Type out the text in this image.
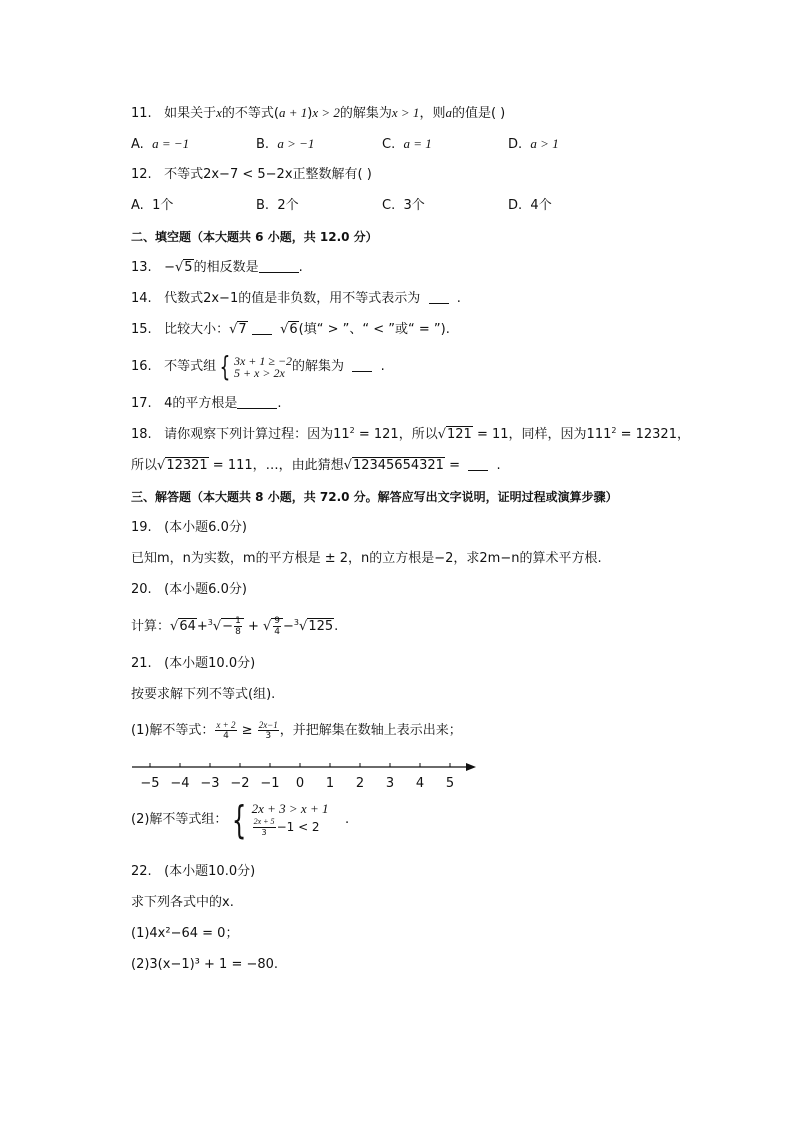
11. 如果关于x的不等式(a + 1)x > 2的解集为x > 1，则a的值是( )
A. a = −1	B. a > −1	C. a = 1	D. a > 1
12. 不等式2x−7 < 5−2x正整数解有( )
A. 1个	B. 2个	C. 3个	D. 4个
二、填空题（本大题共 6 小题，共 12.0 分）
13. −√5的相反数是	.
14. 代数式2x−1的值是非负数，用不等式表示为	.
15. 比较大小：√7	√6(填“ > ”、“ < ”或“ = ”).
16. 不等式组 { 3x + 1 ≥ −2
5 + x > 2x 的解集为	.
17. 4的平方根是	.
18. 请你观察下列计算过程：因为$11^2 = 121$，所以√121 = 11，同样，因为$111^2 = 12321$，
所以√12321 = 111，…，由此猜想√12345654321 =    .
三、解答题（本大题共 8 小题，共 72.0 分。解答应写出文字说明，证明过程或演算步骤）
19. (本小题6.0分)
已知m，n为实数，m的平方根是 ± 2，n的立方根是−2，求2m−n的算术平方根.
20. (本小题6.0分)
计算：$√64+^3√- \frac{1}{8}$ + √ $\frac{9}{4} -^3√125$.
21. (本小题10.0分)
按要求解下列不等式(组).
(1)解不等式： $\frac{x + 2}{4} \ge \frac{2x-1}{3}$ ，并把解集在数轴上表示出来；
−5 −4 −3 −2 −1 0 1 2 3 4 5
(2)解不等式组： { 2x + 3 > x + 1
$\frac{2x + 5}{3} -1 < 2$	.
22. (本小题10.0分)
求下列各式中的x.
(1)4x²−64 = 0；
(2)3(x−1)³ + 1 = −80.
